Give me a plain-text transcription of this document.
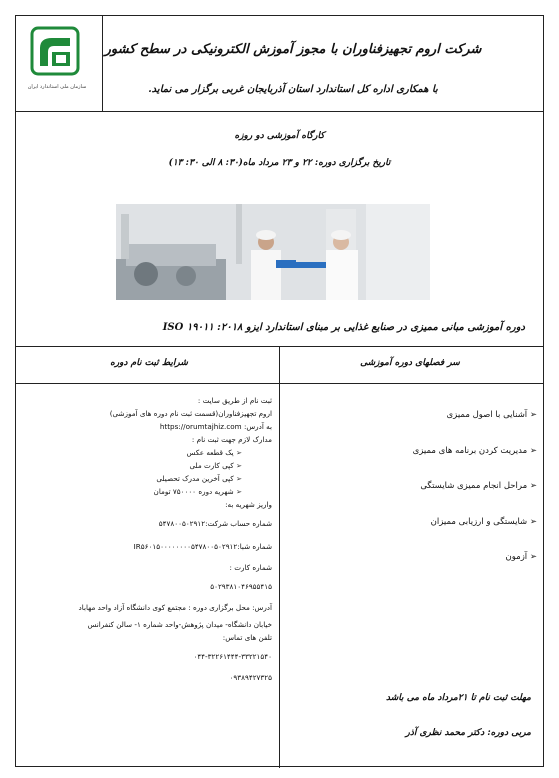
سازمان ملی استاندارد ایران
شرکت اروم تجهیزفناوران با مجوز آموزش الکترونیکی در سطح کشور
با همکاری اداره کل استاندارد استان آذربایجان غربی برگزار می نماید.
کارگاه آموزشی دو روزه
تاریخ برگزاری دوره: ۲۲ و ۲۳ مرداد ماه(۳۰: ۸ الی ۳۰: ۱۳)
دوره آموزشی مبانی ممیزی در صنایع غذایی بر مبنای استاندارد ایزو ۲۰۱۸: ۱۹۰۱۱ ISO
سر فصلهای دوره آموزشی
شرایط ثبت نام دوره
ثبت نام از طریق سایت :
اروم تجهیزفناوران(قسمت ثبت نام دوره های آموزشی)
به آدرس: https://orumtajhiz.com
مدارک لازم جهت ثبت نام :
➢ یک قطعه عکس
➢ کپی کارت ملی
➢ کپی آخرین مدرک تحصیلی
➢ شهریه دوره ۷۵۰۰۰۰ تومان
واریز شهریه به:
شماره حساب شرکت:۵۴۷۸۰۰۵۰۲۹۱۲
شماره شبا:IR۵۶۰۱۵۰۰۰۰۰۰۰۰۵۴۷۸۰۰۵۰۲۹۱۲
شماره کارت :
۵۰۲۹۳۸۱۰۴۶۹۵۵۴۱۵
آدرس: محل برگزاری دوره : مجتمع کوی دانشگاه آزاد واحد مهاباد
خیابان دانشگاه- میدان پژوهش-واحد شماره ۱- سالن کنفرانس
تلفن های تماس:
۰۴۴-۳۲۲۶۱۴۴۴-۳۳۲۲۱۵۴۰
۰۹۳۸۹۴۲۷۳۲۵
➢ آشنایی با اصول ممیزی
➢ مدیریت کردن برنامه های ممیزی
➢ مراحل انجام ممیزی شایستگی
➢ شایستگی و ارزیابی ممیزان
➢ آزمون
مهلت ثبت نام تا ۲۱مرداد ماه می باشد
مربی دوره: دکتر محمد نظری آذر
